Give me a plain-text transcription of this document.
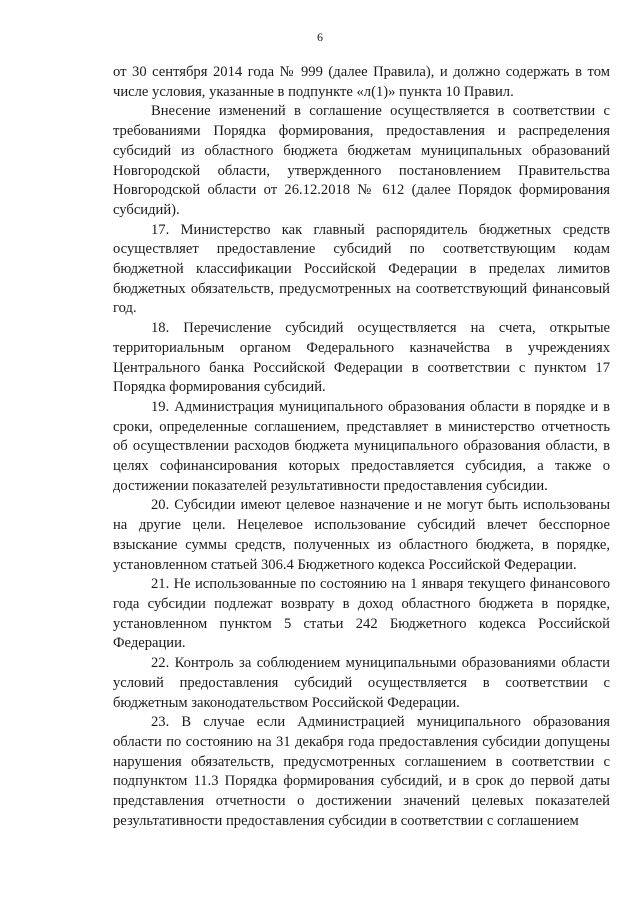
6

от 30 сентября 2014 года № 999 (далее Правила), и должно содержать в том числе условия, указанные в подпункте «л(1)» пункта 10 Правил.

Внесение изменений в соглашение осуществляется в соответствии с требованиями Порядка формирования, предоставления и распределения субсидий из областного бюджета бюджетам муниципальных образований Новгородской области, утвержденного постановлением Правительства Новгородской области от 26.12.2018 № 612 (далее Порядок формирования субсидий).

17. Министерство как главный распорядитель бюджетных средств осуществляет предоставление субсидий по соответствующим кодам бюджетной классификации Российской Федерации в пределах лимитов бюджетных обязательств, предусмотренных на соответствующий финансовый год.

18. Перечисление субсидий осуществляется на счета, открытые территориальным органом Федерального казначейства в учреждениях Центрального банка Российской Федерации в соответствии с пунктом 17 Порядка формирования субсидий.

19. Администрация муниципального образования области в порядке и в сроки, определенные соглашением, представляет в министерство отчетность об осуществлении расходов бюджета муниципального образования области, в целях софинансирования которых предоставляется субсидия, а также о достижении показателей результативности предоставления субсидии.

20. Субсидии имеют целевое назначение и не могут быть использованы на другие цели. Нецелевое использование субсидий влечет бесспорное взыскание суммы средств, полученных из областного бюджета, в порядке, установленном статьей 306.4 Бюджетного кодекса Российской Федерации.

21. Не использованные по состоянию на 1 января текущего финансового года субсидии подлежат возврату в доход областного бюджета в порядке, установленном пунктом 5 статьи 242 Бюджетного кодекса Российской Федерации.

22. Контроль за соблюдением муниципальными образованиями области условий предоставления субсидий осуществляется в соответствии с бюджетным законодательством Российской Федерации.

23. В случае если Администрацией муниципального образования области по состоянию на 31 декабря года предоставления субсидии допущены нарушения обязательств, предусмотренных соглашением в соответствии с подпунктом 11.3 Порядка формирования субсидий, и в срок до первой даты представления отчетности о достижении значений целевых показателей результативности предоставления субсидии в соответствии с соглашением
